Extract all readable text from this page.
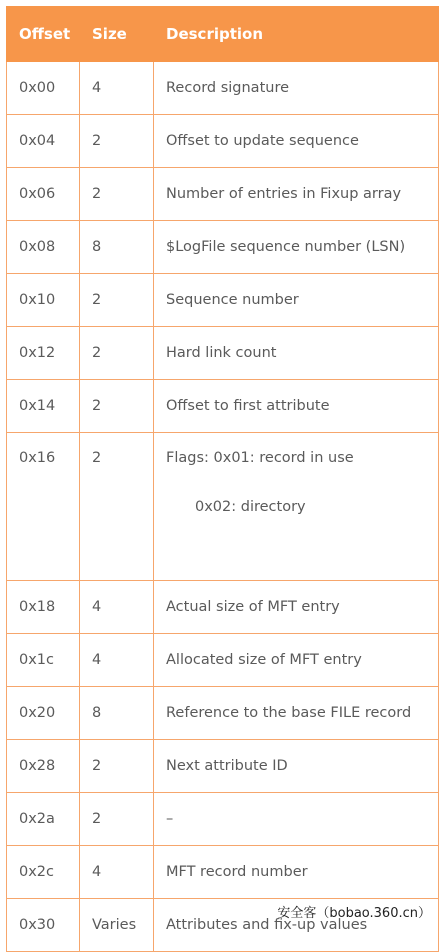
Offset	Size	Description
0x00	4	Record signature
0x04	2	Offset to update sequence
0x06	2	Number of entries in Fixup array
0x08	8	$LogFile sequence number (LSN)
0x10	2	Sequence number
0x12	2	Hard link count
0x14	2	Offset to first attribute
0x16	2	Flags: 0x01: record in use
0x02: directory

0x18	4	Actual size of MFT entry
0x1c	4	Allocated size of MFT entry
0x20	8	Reference to the base FILE record
0x28	2	Next attribute ID
0x2a	2	–
0x2c	4	MFT record number
0x30	Varies	Attributes and fix-up values
安全客（bobao.360.cn）
